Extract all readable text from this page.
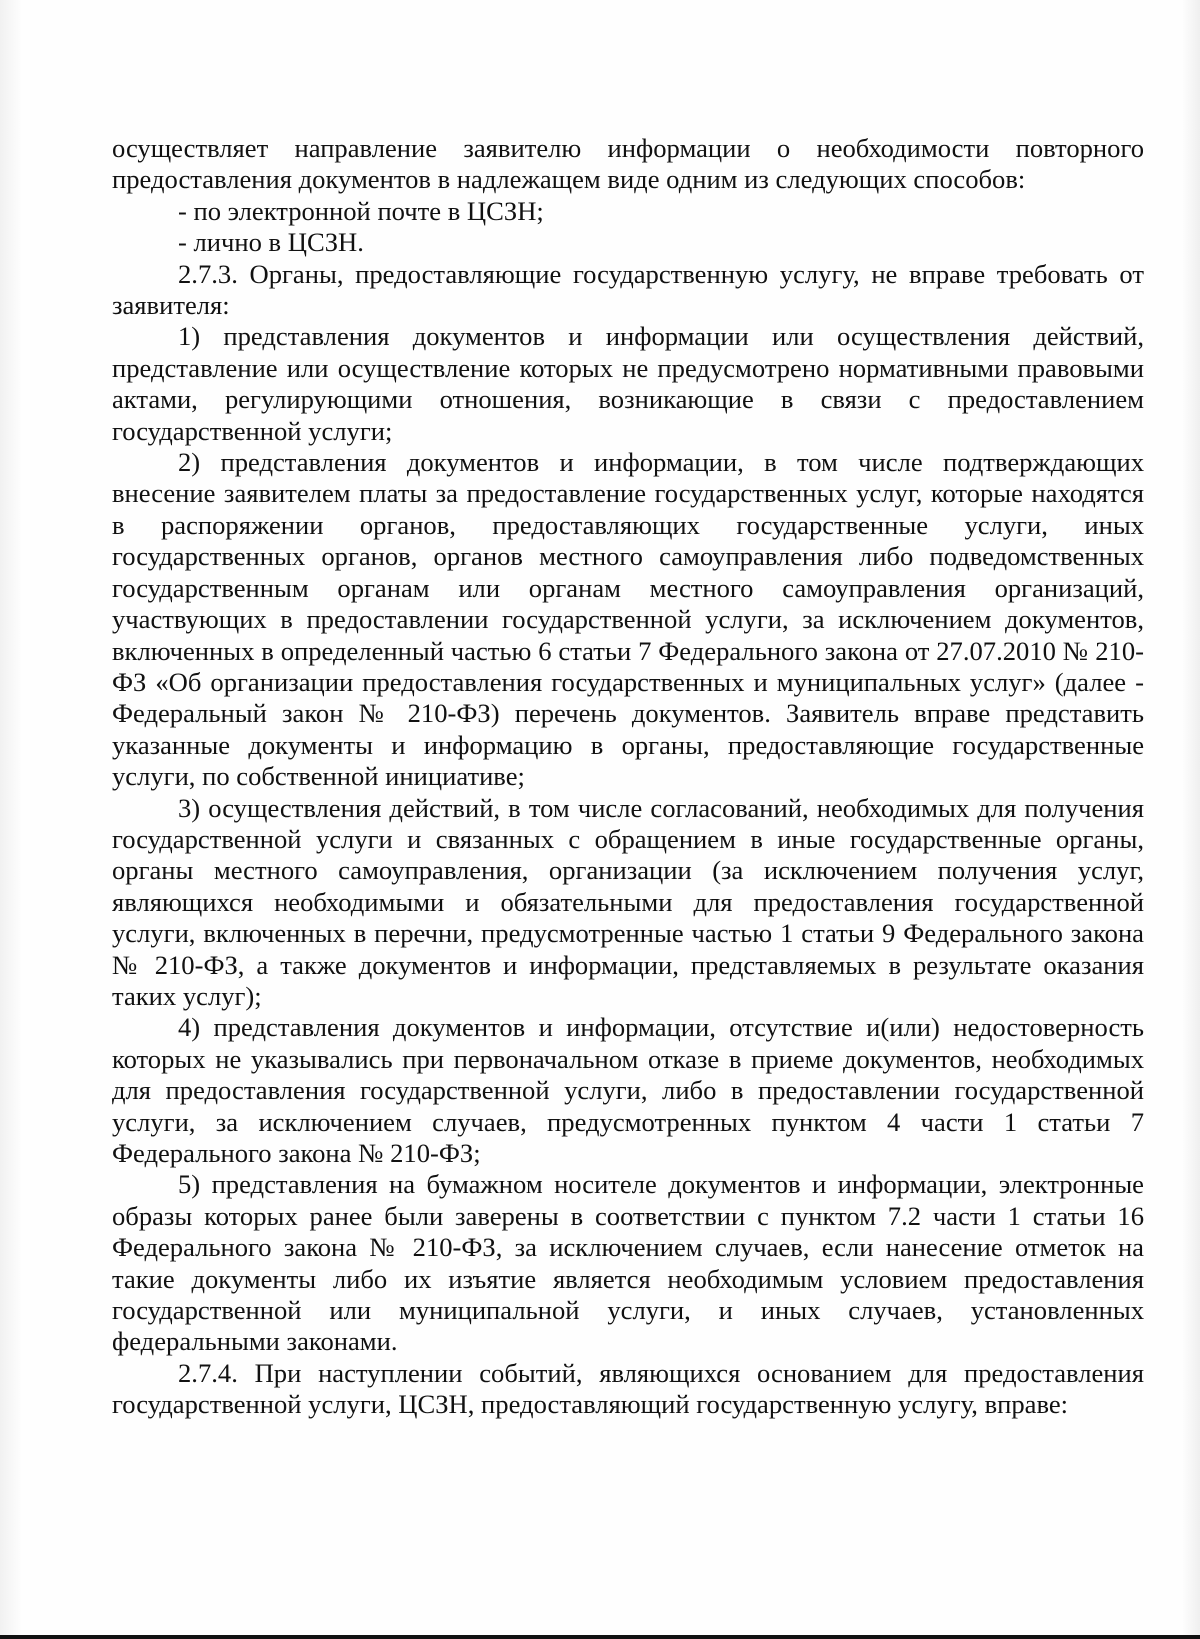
осуществляет направление заявителю информации о необходимости повторного предоставления документов в надлежащем виде одним из следующих способов:

- по электронной почте в ЦСЗН;

- лично в ЦСЗН.

2.7.3. Органы, предоставляющие государственную услугу, не вправе требовать от заявителя:

1) представления документов и информации или осуществления действий, представление или осуществление которых не предусмотрено нормативными правовыми актами, регулирующими отношения, возникающие в связи с предоставлением государственной услуги;

2) представления документов и информации, в том числе подтверждающих внесение заявителем платы за предоставление государственных услуг, которые находятся в распоряжении органов, предоставляющих государственные услуги, иных государственных органов, органов местного самоуправления либо подведомственных государственным органам или органам местного самоуправления организаций, участвующих в предоставлении государственной услуги, за исключением документов, включенных в определенный частью 6 статьи 7 Федерального закона от 27.07.2010 № 210-ФЗ «Об организации предоставления государственных и муниципальных услуг» (далее - Федеральный закон № 210-ФЗ) перечень документов. Заявитель вправе представить указанные документы и информацию в органы, предоставляющие государственные услуги, по собственной инициативе;

3) осуществления действий, в том числе согласований, необходимых для получения государственной услуги и связанных с обращением в иные государственные органы, органы местного самоуправления, организации (за исключением получения услуг, являющихся необходимыми и обязательными для предоставления государственной услуги, включенных в перечни, предусмотренные частью 1 статьи 9 Федерального закона № 210-ФЗ, а также документов и информации, представляемых в результате оказания таких услуг);

4) представления документов и информации, отсутствие и(или) недостоверность которых не указывались при первоначальном отказе в приеме документов, необходимых для предоставления государственной услуги, либо в предоставлении государственной услуги, за исключением случаев, предусмотренных пунктом 4 части 1 статьи 7 Федерального закона № 210-ФЗ;

5) представления на бумажном носителе документов и информации, электронные образы которых ранее были заверены в соответствии с пунктом 7.2 части 1 статьи 16 Федерального закона № 210-ФЗ, за исключением случаев, если нанесение отметок на такие документы либо их изъятие является необходимым условием предоставления государственной или муниципальной услуги, и иных случаев, установленных федеральными законами.

2.7.4. При наступлении событий, являющихся основанием для предоставления государственной услуги, ЦСЗН, предоставляющий государственную услугу, вправе:
